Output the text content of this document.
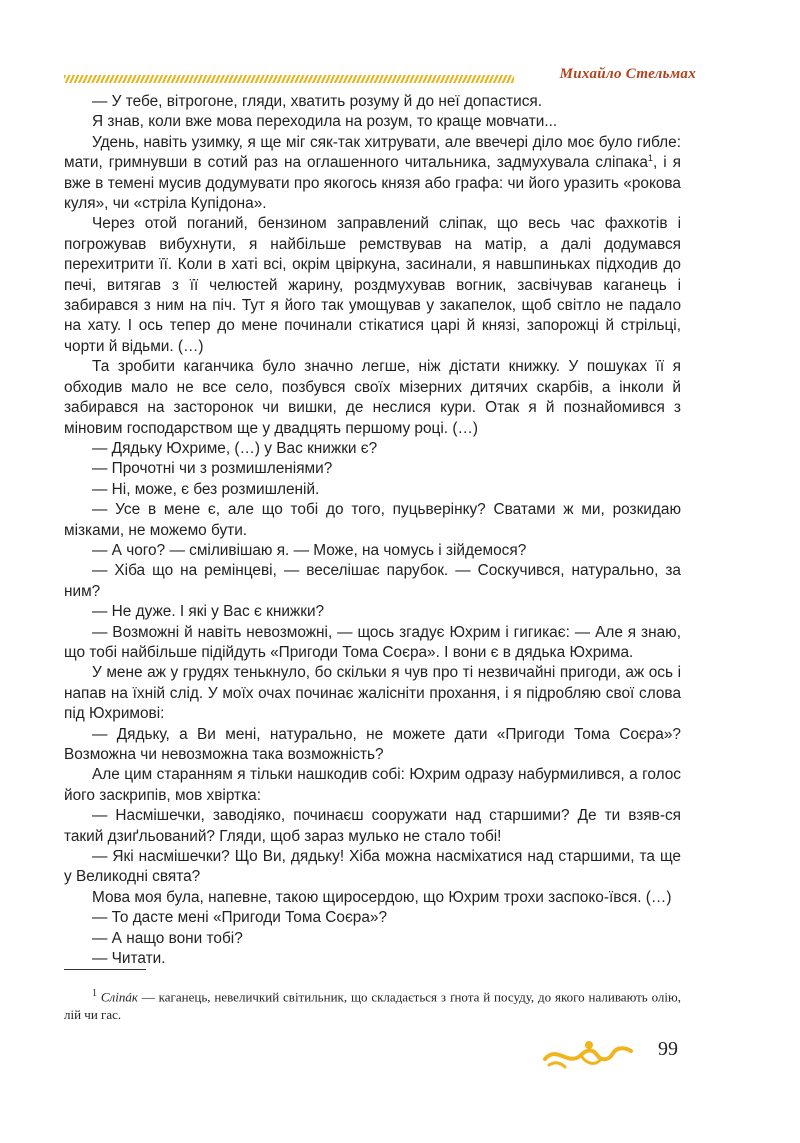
Михайло Стельмах

— У тебе, вітрогоне, гляди, хватить розуму й до неї допастися.

Я знав, коли вже мова переходила на розум, то краще мовчати...

Удень, навіть узимку, я ще міг сяк-так хитрувати, але ввечері діло моє було гибле: мати, гримнувши в сотий раз на оглашенного читальника, задмухувала сліпака$^1$, і я вже в темені мусив додумувати про якогось князя або графа: чи його уразить «рокова куля», чи «стріла Купідона».

Через отой поганий, бензином заправлений сліпак, що весь час фахкотів і погрожував вибухнути, я найбільше ремствував на матір, а далі додумався перехитрити її. Коли в хаті всі, окрім цвіркуна, засинали, я навшпиньках підходив до печі, витягав з її челюстей жарину, роздмухував вогник, засвічував каганець і забирався з ним на піч. Тут я його так умощував у закапелок, щоб світло не падало на хату. І ось тепер до мене починали стікатися царі й князі, запорожці й стрільці, чорти й відьми. (…)

Та зробити каганчика було значно легше, ніж дістати книжку. У пошуках її я обходив мало не все село, позбувся своїх мізерних дитячих скарбів, а інколи й забирався на засторонок чи вишки, де неслися кури. Отак я й познайомився з міновим господарством ще у двадцять першому році. (…)

— Дядьку Юхриме, (…) у Вас книжки є?

— Прочотні чи з розмишленіями?

— Ні, може, є без розмишленій.

— Усе в мене є, але що тобі до того, пуцьверінку? Сватами ж ми, розкидаю мізками, не можемо бути.

— А чого? — сміливішаю я. — Може, на чомусь і зійдемося?

— Хіба що на ремінцеві, — веселішає парубок. — Соскучився, натурально, за ним?

— Не дуже. І які у Вас є книжки?

— Возможні й навіть невозможні, — щось згадує Юхрим і гигикає: — Але я знаю, що тобі найбільше підійдуть «Пригоди Тома Соєра». І вони є в дядька Юхрима.

У мене аж у грудях тенькнуло, бо скільки я чув про ті незвичайні пригоди, аж ось і напав на їхній слід. У моїх очах починає жалісніти прохання, і я підробляю свої слова під Юхримові:

— Дядьку, а Ви мені, натурально, не можете дати «Пригоди Тома Соєра»? Возможна чи невозможна така возможність?

Але цим старанням я тільки нашкодив собі: Юхрим одразу набурмилився, а голос його заскрипів, мов хвіртка:

— Насмішечки, заводіяко, починаєш сооружати над старшими? Де ти взяв-ся такий дзиґльований? Гляди, щоб зараз мулько не стало тобі!

— Які насмішечки? Що Ви, дядьку! Хіба можна насміхатися над старшими, та ще у Великодні свята?

Мова моя була, напевне, такою щиросердою, що Юхрим трохи заспоко-ївся. (…)

— То дасте мені «Пригоди Тома Соєра»?

— А нащо вони тобі?

— Читати.

$^1$ Сліпáк — каганець, невеличкий світильник, що складається з ґнота й посуду, до якого наливають олію, лій чи гас.
99
